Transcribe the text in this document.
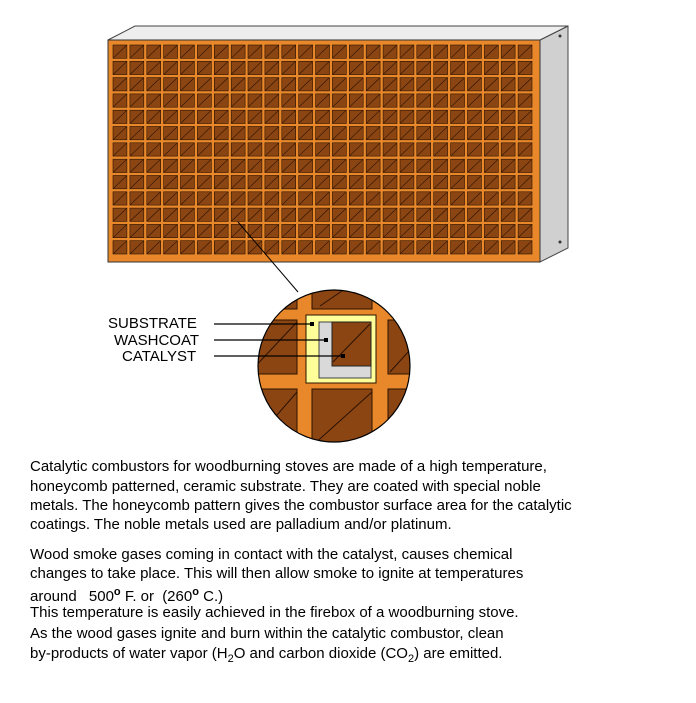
SUBSTRATE
WASHCOAT
CATALYST
Catalytic combustors for woodburning stoves are made of a high temperature,
honeycomb patterned, ceramic substrate. They are coated with special noble
metals. The honeycomb pattern gives the combustor surface area for the catalytic
coatings. The noble metals used are palladium and/or platinum.
Wood smoke gases coming in contact with the catalyst, causes chemical
changes to take place. This will then allow smoke to ignite at temperatures
around 500$^o$ F. or (260$^o$ C.)
This temperature is easily achieved in the firebox of a woodburning stove.
As the wood gases ignite and burn within the catalytic combustor, clean
by-products of water vapor ($H_2O$ and carbon dioxide $(CO_2)$ are emitted.
